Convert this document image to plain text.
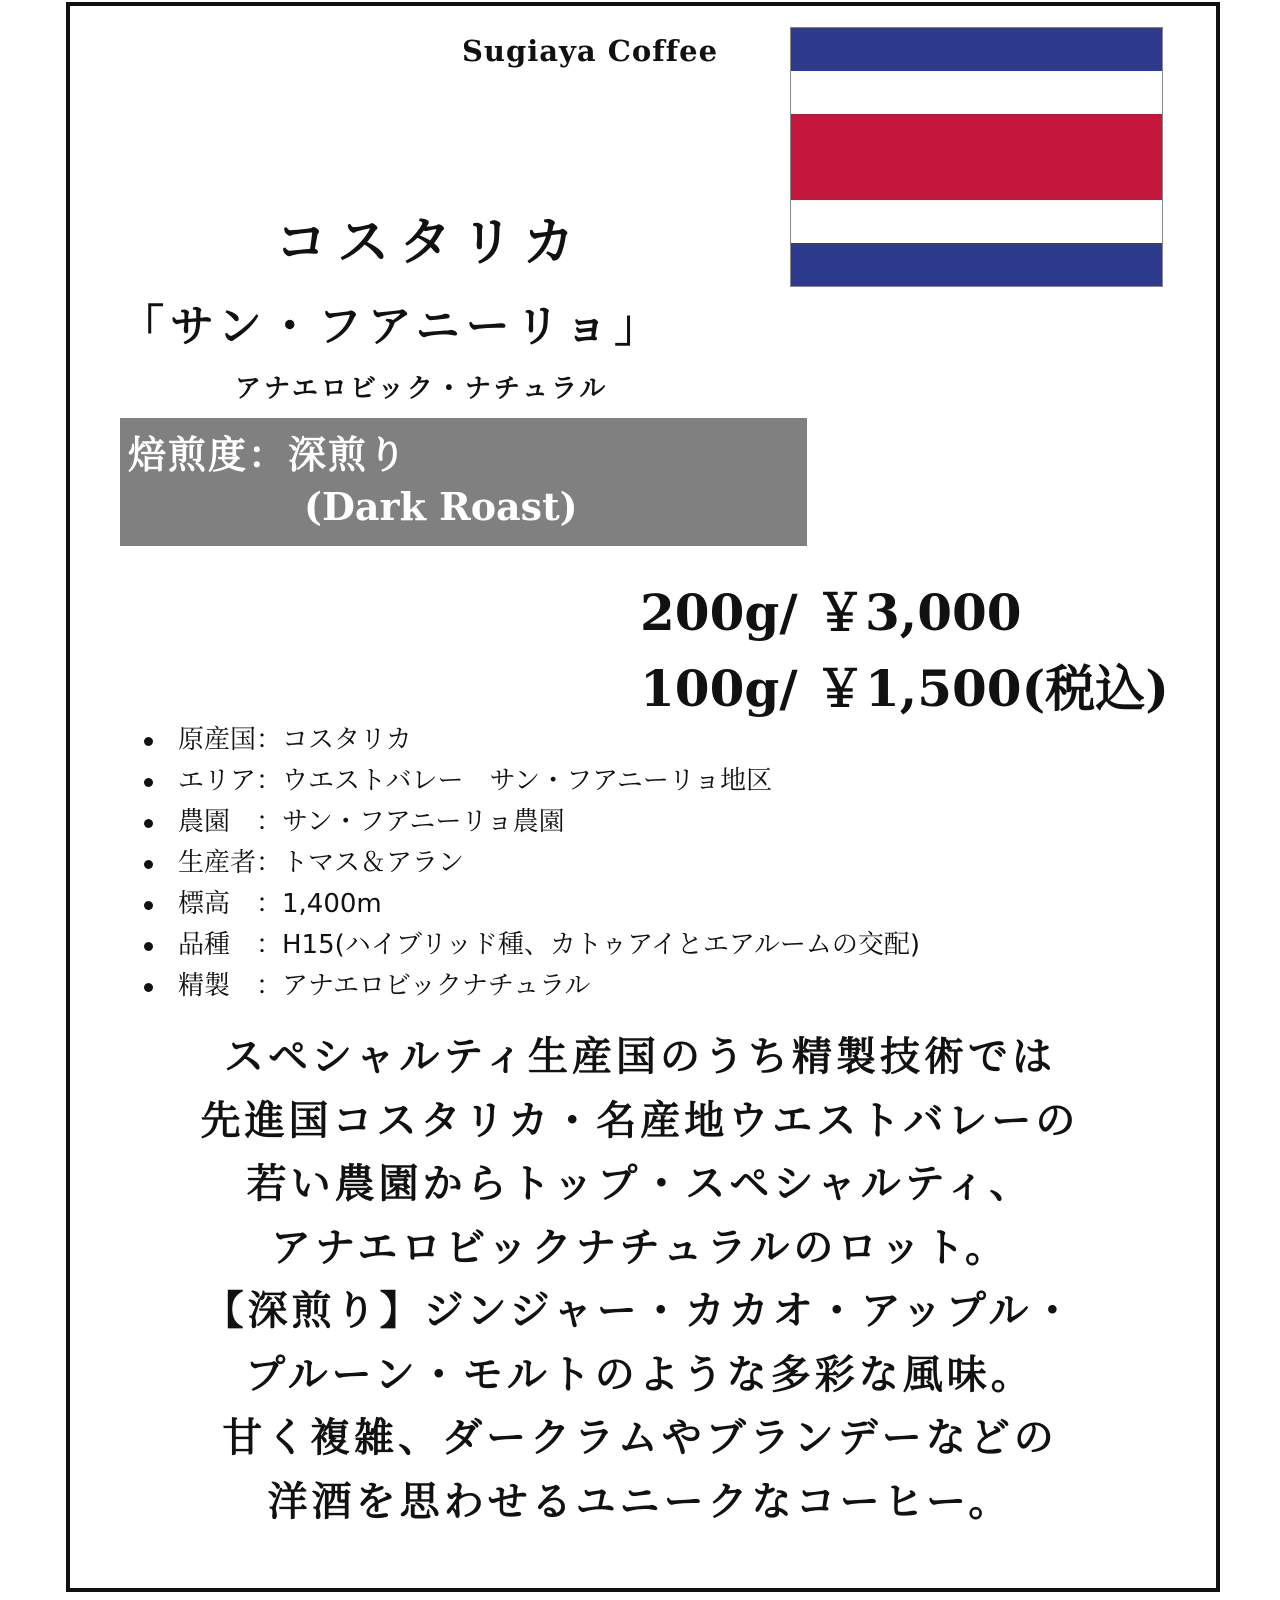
Sugiaya Coffee
コスタリカ
「サン・フアニーリョ」
アナエロビック・ナチュラル
焙煎度：深煎り
(Dark Roast)
200g/ ￥3,000
100g/ ￥1,500(税込)
原産国：コスタリカ
エリア：ウエストバレー　サン・フアニーリョ地区
農園　：サン・フアニーリョ農園
生産者：トマス＆アラン
標高　：1,400m
品種　：H15(ハイブリッド種、カトゥアイとエアルームの交配)
精製　：アナエロビックナチュラル
スペシャルティ生産国のうち精製技術では
先進国コスタリカ・名産地ウエストバレーの
若い農園からトップ・スペシャルティ、
アナエロビックナチュラルのロット。
【深煎り】ジンジャー・カカオ・アップル・
プルーン・モルトのような多彩な風味。
甘く複雑、ダークラムやブランデーなどの
洋酒を思わせるユニークなコーヒー。
